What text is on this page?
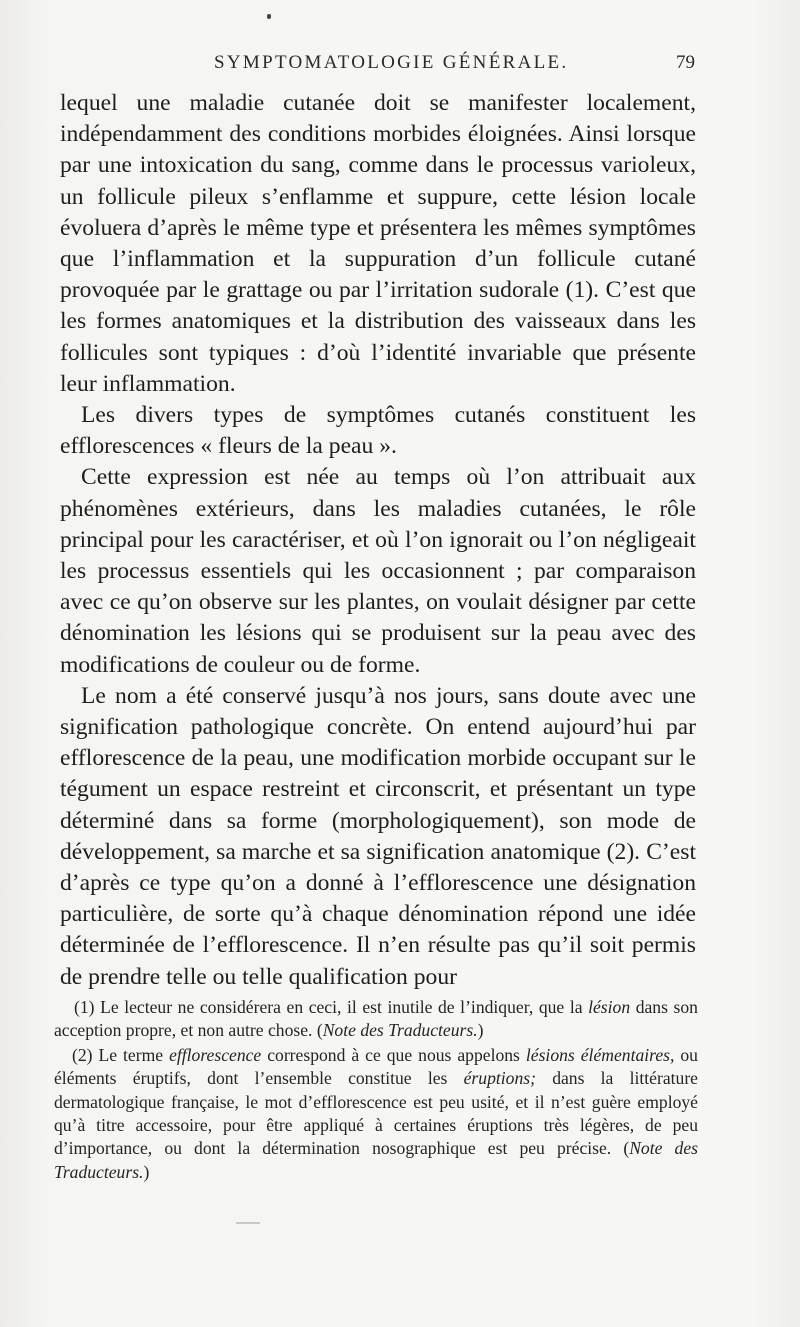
SYMPTOMATOLOGIE GÉNÉRALE.	79

lequel une maladie cutanée doit se manifester localement, indépendamment des conditions morbides éloignées. Ainsi lorsque par une intoxication du sang, comme dans le processus varioleux, un follicule pileux s’enflamme et suppure, cette lésion locale évoluera d’après le même type et présentera les mêmes symptômes que l’inflammation et la suppuration d’un follicule cutané provoquée par le grattage ou par l’irritation sudorale (1). C’est que les formes anatomiques et la distribution des vaisseaux dans les follicules sont typiques : d’où l’identité invariable que présente leur inflammation.

Les divers types de symptômes cutanés constituent les efflorescences « fleurs de la peau ».

Cette expression est née au temps où l’on attribuait aux phénomènes extérieurs, dans les maladies cutanées, le rôle principal pour les caractériser, et où l’on ignorait ou l’on négligeait les processus essentiels qui les occasionnent ; par comparaison avec ce qu’on observe sur les plantes, on voulait désigner par cette dénomination les lésions qui se produisent sur la peau avec des modifications de couleur ou de forme.

Le nom a été conservé jusqu’à nos jours, sans doute avec une signification pathologique concrète. On entend aujourd’hui par efflorescence de la peau, une modification morbide occupant sur le tégument un espace restreint et circonscrit, et présentant un type déterminé dans sa forme (morphologiquement), son mode de développement, sa marche et sa signification anatomique (2). C’est d’après ce type qu’on a donné à l’efflorescence une désignation particulière, de sorte qu’à chaque dénomination répond une idée déterminée de l’efflorescence. Il n’en résulte pas qu’il soit permis de prendre telle ou telle qualification pour

(1) Le lecteur ne considérera en ceci, il est inutile de l’indiquer, que la lésion dans son acception propre, et non autre chose. (Note des Traducteurs.)

(2) Le terme efflorescence correspond à ce que nous appelons lésions élémentaires, ou éléments éruptifs, dont l’ensemble constitue les éruptions; dans la littérature dermatologique française, le mot d’efflorescence est peu usité, et il n’est guère employé qu’à titre accessoire, pour être appliqué à certaines éruptions très légères, de peu d’importance, ou dont la détermination nosographique est peu précise. (Note des Traducteurs.)
